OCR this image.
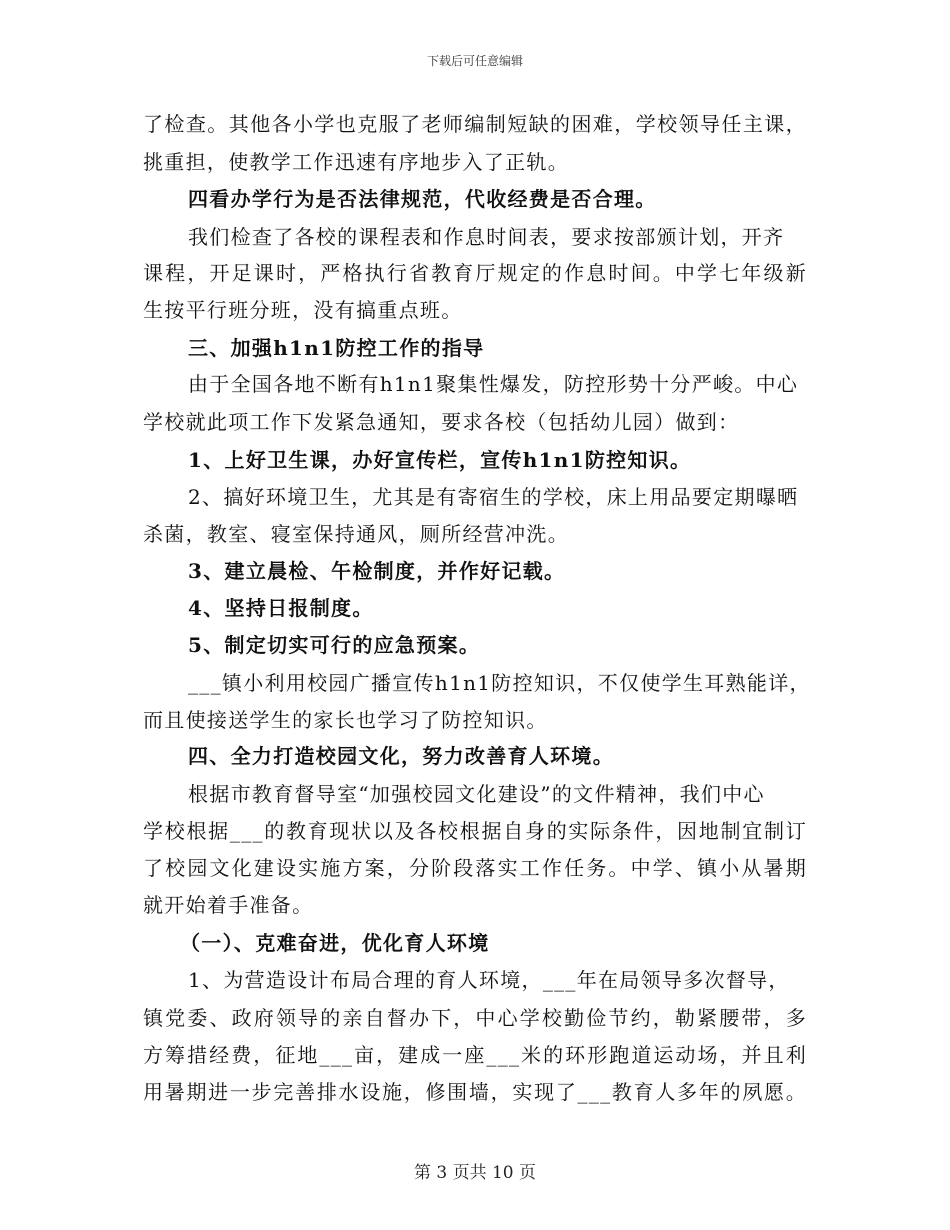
下载后可任意编辑
了检查。其他各小学也克服了老师编制短缺的困难，学校领导任主课，
挑重担，使教学工作迅速有序地步入了正轨。
四看办学行为是否法律规范，代收经费是否合理。
我们检查了各校的课程表和作息时间表，要求按部颁计划，开齐
课程，开足课时，严格执行省教育厅规定的作息时间。中学七年级新
生按平行班分班，没有搞重点班。
三、加强h1n1防控工作的指导
由于全国各地不断有h1n1聚集性爆发，防控形势十分严峻。中心
学校就此项工作下发紧急通知，要求各校（包括幼儿园）做到：
1、上好卫生课，办好宣传栏，宣传h1n1防控知识。
2、搞好环境卫生，尤其是有寄宿生的学校，床上用品要定期曝晒
杀菌，教室、寝室保持通风，厕所经营冲洗。
3、建立晨检、午检制度，并作好记载。
4、坚持日报制度。
5、制定切实可行的应急预案。
___镇小利用校园广播宣传h1n1防控知识，不仅使学生耳熟能详，
而且使接送学生的家长也学习了防控知识。
四、全力打造校园文化，努力改善育人环境。
根据市教育督导室“加强校园文化建设”的文件精神，我们中心
学校根据___的教育现状以及各校根据自身的实际条件，因地制宜制订
了校园文化建设实施方案，分阶段落实工作任务。中学、镇小从暑期
就开始着手准备。
（一）、克难奋进，优化育人环境
1、为营造设计布局合理的育人环境，___年在局领导多次督导，
镇党委、政府领导的亲自督办下，中心学校勤俭节约，勒紧腰带，多
方筹措经费，征地___亩，建成一座___米的环形跑道运动场，并且利
用暑期进一步完善排水设施，修围墙，实现了___教育人多年的夙愿。
第 3 页共 10 页
